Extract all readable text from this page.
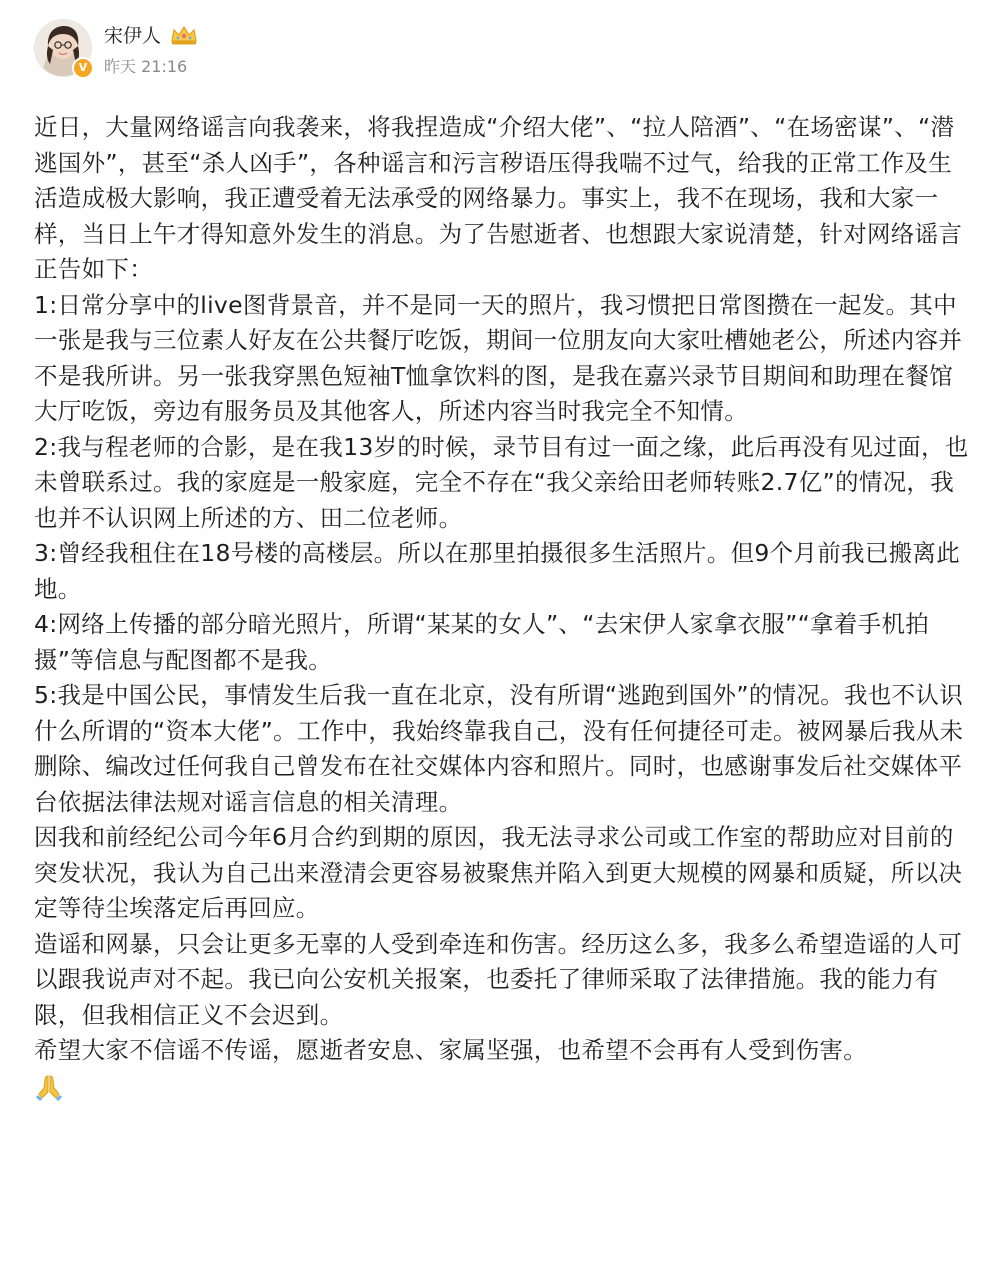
V
宋伊人
昨天 21:16

近日，大量网络谣言向我袭来，将我捏造成“介绍大佬”、“拉人陪酒”、“在场密谋”、“潜逃国外”，甚至“杀人凶手”，各种谣言和污言秽语压得我喘不过气，给我的正常工作及生活造成极大影响，我正遭受着无法承受的网络暴力。事实上，我不在现场，我和大家一样，当日上午才得知意外发生的消息。为了告慰逝者、也想跟大家说清楚，针对网络谣言正告如下：

1:日常分享中的live图背景音，并不是同一天的照片，我习惯把日常图攒在一起发。其中一张是我与三位素人好友在公共餐厅吃饭，期间一位朋友向大家吐槽她老公，所述内容并不是我所讲。另一张我穿黑色短袖T恤拿饮料的图，是我在嘉兴录节目期间和助理在餐馆大厅吃饭，旁边有服务员及其他客人，所述内容当时我完全不知情。

2:我与程老师的合影，是在我13岁的时候，录节目有过一面之缘，此后再没有见过面，也未曾联系过。我的家庭是一般家庭，完全不存在“我父亲给田老师转账2.7亿”的情况，我也并不认识网上所述的方、田二位老师。

3:曾经我租住在18号楼的高楼层。所以在那里拍摄很多生活照片。但9个月前我已搬离此地。

4:网络上传播的部分暗光照片，所谓“某某的女人”、“去宋伊人家拿衣服”“拿着手机拍摄”等信息与配图都不是我。

5:我是中国公民，事情发生后我一直在北京，没有所谓“逃跑到国外”的情况。我也不认识什么所谓的“资本大佬”。工作中，我始终靠我自己，没有任何捷径可走。被网暴后我从未删除、编改过任何我自己曾发布在社交媒体内容和照片。同时，也感谢事发后社交媒体平台依据法律法规对谣言信息的相关清理。

因我和前经纪公司今年6月合约到期的原因，我无法寻求公司或工作室的帮助应对目前的突发状况，我认为自己出来澄清会更容易被聚焦并陷入到更大规模的网暴和质疑，所以决定等待尘埃落定后再回应。

造谣和网暴，只会让更多无辜的人受到牵连和伤害。经历这么多，我多么希望造谣的人可以跟我说声对不起。我已向公安机关报案，也委托了律师采取了法律措施。我的能力有限，但我相信正义不会迟到。

希望大家不信谣不传谣，愿逝者安息、家属坚强，也希望不会再有人受到伤害。
